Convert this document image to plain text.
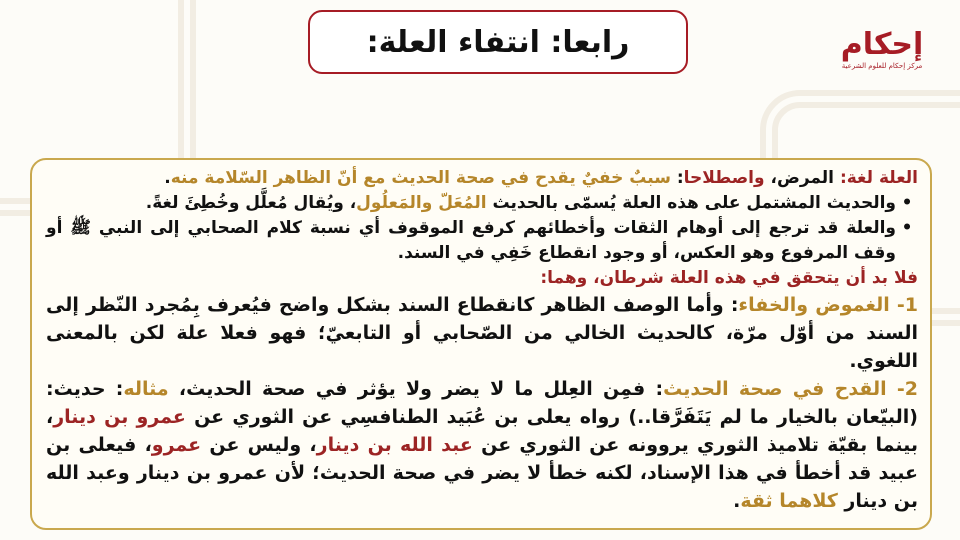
رابعا: انتفاء العلة:	إحكام
مركز إحكام للعلوم الشرعية

العلة لغة: المرض، واصطلاحا: سببٌ خفيٌ يقدح في صحة الحديث مع أنّ الظاهر السّلامة منه.

•
والحديث المشتمل على هذه العلة يُسمّى بالحديث المُعَلّ والمَعلُول، ويُقال مُعلَّل وخُطِئَ لغةً.
•
والعلة قد ترجع إلى أوهام الثقات وأخطائهم كرفع الموقوف أي نسبة كلام الصحابي إلى النبي ﷺ أو وقف المرفوع وهو العكس، أو وجود انقطاع خَفِي في السند.

فلا بد أن يتحقق في هذه العلة شرطان، وهما:

1- الغموض والخفاء: وأما الوصف الظاهر كانقطاع السند بشكل واضح فيُعرف بِمُجرد النّظر إلى السند من أوّل مرّة، كالحديث الخالي من الصّحابي أو التابعيّ؛ فهو فعلا علة لكن بالمعنى اللغوي.

2- القدح في صحة الحديث: فمِن العِلل ما لا يضر ولا يؤثر في صحة الحديث، مثاله: حديث: (البيّعان بالخيار ما لم يَتَفَرَّقا..) رواه يعلى بن عُبَيد الطنافسِي عن الثوري عن عمرو بن دينار، بينما بقيّة تلاميذ الثوري يروونه عن الثوري عن عبد الله بن دينار، وليس عن عمرو، فيعلى بن عبيد قد أخطأ في هذا الإسناد، لكنه خطأ لا يضر في صحة الحديث؛ لأن عمرو بن دينار وعبد الله بن دينار كلاهما ثقة.
